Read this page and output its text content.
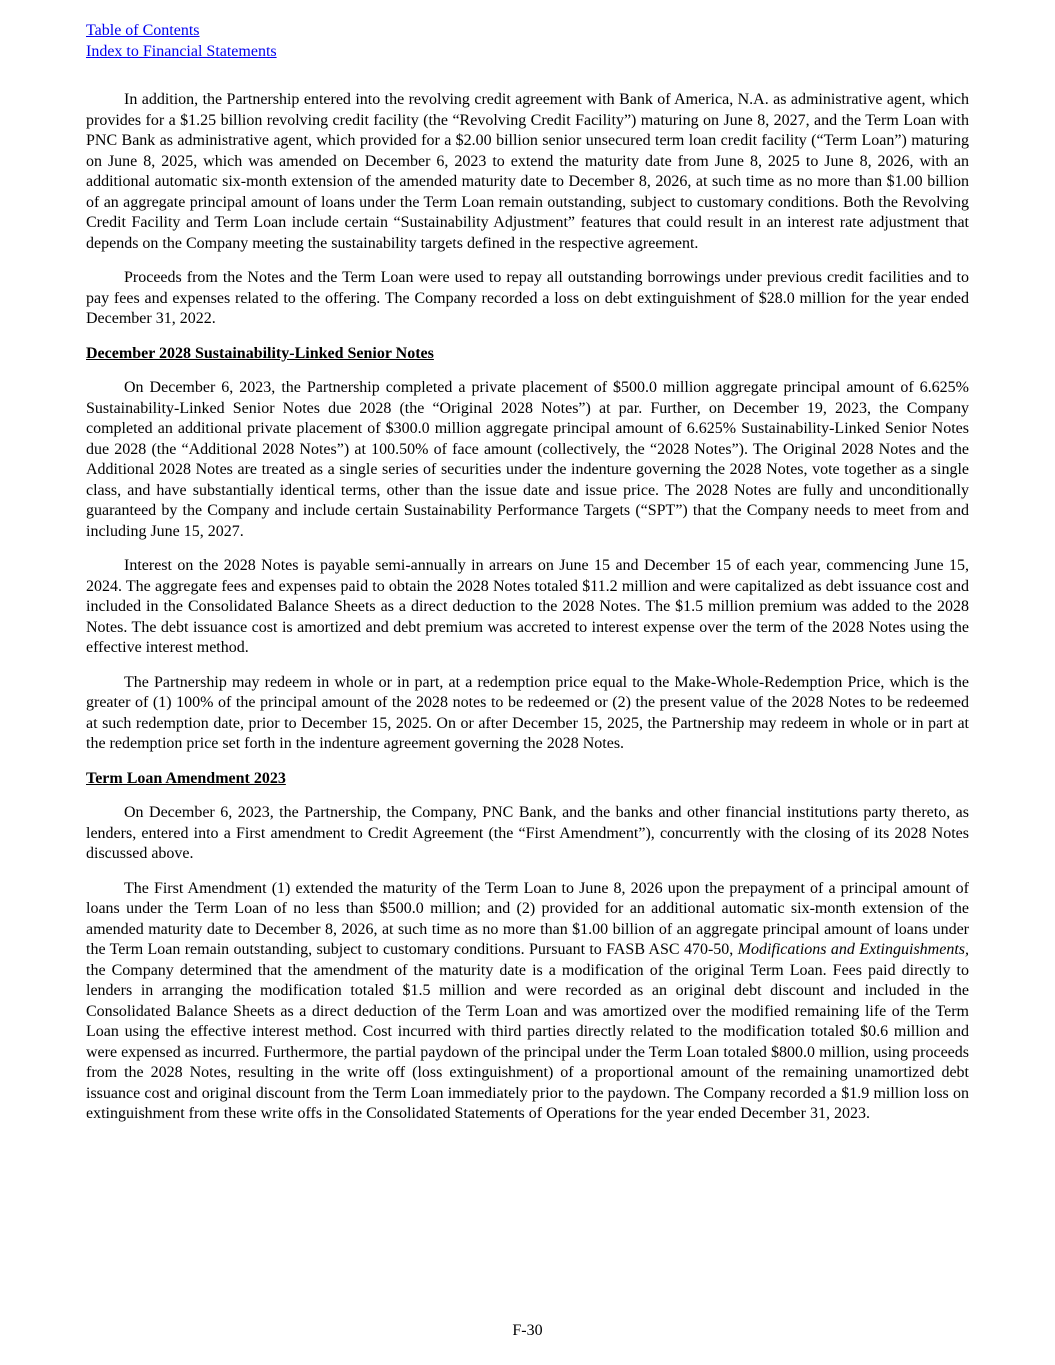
Table of Contents
Index to Financial Statements

In addition, the Partnership entered into the revolving credit agreement with Bank of America, N.A. as administrative agent, which provides for a $1.25 billion revolving credit facility (the “Revolving Credit Facility”) maturing on June 8, 2027, and the Term Loan with PNC Bank as administrative agent, which provided for a $2.00 billion senior unsecured term loan credit facility (“Term Loan”) maturing on June 8, 2025, which was amended on December 6, 2023 to extend the maturity date from June 8, 2025 to June 8, 2026, with an additional automatic six-month extension of the amended maturity date to December 8, 2026, at such time as no more than $1.00 billion of an aggregate principal amount of loans under the Term Loan remain outstanding, subject to customary conditions. Both the Revolving Credit Facility and Term Loan include certain “Sustainability Adjustment” features that could result in an interest rate adjustment that depends on the Company meeting the sustainability targets defined in the respective agreement.

Proceeds from the Notes and the Term Loan were used to repay all outstanding borrowings under previous credit facilities and to pay fees and expenses related to the offering. The Company recorded a loss on debt extinguishment of $28.0 million for the year ended December 31, 2022.

December 2028 Sustainability-Linked Senior Notes

On December 6, 2023, the Partnership completed a private placement of $500.0 million aggregate principal amount of 6.625% Sustainability-Linked Senior Notes due 2028 (the “Original 2028 Notes”) at par. Further, on December 19, 2023, the Company completed an additional private placement of $300.0 million aggregate principal amount of 6.625% Sustainability-Linked Senior Notes due 2028 (the “Additional 2028 Notes”) at 100.50% of face amount (collectively, the “2028 Notes”). The Original 2028 Notes and the Additional 2028 Notes are treated as a single series of securities under the indenture governing the 2028 Notes, vote together as a single class, and have substantially identical terms, other than the issue date and issue price. The 2028 Notes are fully and unconditionally guaranteed by the Company and include certain Sustainability Performance Targets (“SPT”) that the Company needs to meet from and including June 15, 2027.

Interest on the 2028 Notes is payable semi-annually in arrears on June 15 and December 15 of each year, commencing June 15, 2024. The aggregate fees and expenses paid to obtain the 2028 Notes totaled $11.2 million and were capitalized as debt issuance cost and included in the Consolidated Balance Sheets as a direct deduction to the 2028 Notes. The $1.5 million premium was added to the 2028 Notes. The debt issuance cost is amortized and debt premium was accreted to interest expense over the term of the 2028 Notes using the effective interest method.

The Partnership may redeem in whole or in part, at a redemption price equal to the Make-Whole-Redemption Price, which is the greater of (1) 100% of the principal amount of the 2028 notes to be redeemed or (2) the present value of the 2028 Notes to be redeemed at such redemption date, prior to December 15, 2025. On or after December 15, 2025, the Partnership may redeem in whole or in part at the redemption price set forth in the indenture agreement governing the 2028 Notes.

Term Loan Amendment 2023

On December 6, 2023, the Partnership, the Company, PNC Bank, and the banks and other financial institutions party thereto, as lenders, entered into a First amendment to Credit Agreement (the “First Amendment”), concurrently with the closing of its 2028 Notes discussed above.

The First Amendment (1) extended the maturity of the Term Loan to June 8, 2026 upon the prepayment of a principal amount of loans under the Term Loan of no less than $500.0 million; and (2) provided for an additional automatic six-month extension of the amended maturity date to December 8, 2026, at such time as no more than $1.00 billion of an aggregate principal amount of loans under the Term Loan remain outstanding, subject to customary conditions. Pursuant to FASB ASC 470-50, Modifications and Extinguishments, the Company determined that the amendment of the maturity date is a modification of the original Term Loan. Fees paid directly to lenders in arranging the modification totaled $1.5 million and were recorded as an original debt discount and included in the Consolidated Balance Sheets as a direct deduction of the Term Loan and was amortized over the modified remaining life of the Term Loan using the effective interest method. Cost incurred with third parties directly related to the modification totaled $0.6 million and were expensed as incurred. Furthermore, the partial paydown of the principal under the Term Loan totaled $800.0 million, using proceeds from the 2028 Notes, resulting in the write off (loss extinguishment) of a proportional amount of the remaining unamortized debt issuance cost and original discount from the Term Loan immediately prior to the paydown. The Company recorded a $1.9 million loss on extinguishment from these write offs in the Consolidated Statements of Operations for the year ended December 31, 2023.

F-30
